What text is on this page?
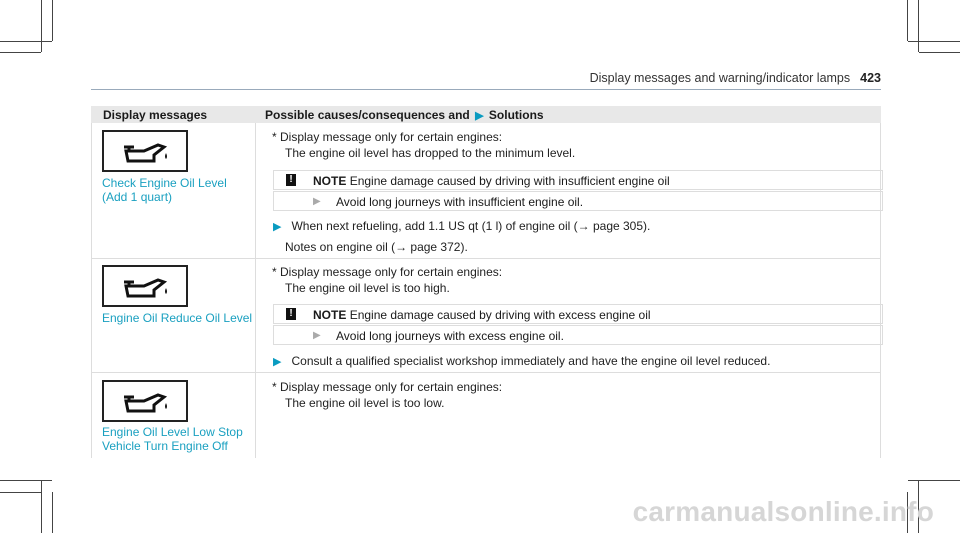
Display messages and warning/indicator lamps 423
Display messages	Possible causes/consequences and ▶ Solutions
Check Engine Oil Level
(Add 1 quart)
* Display message only for certain engines:
The engine oil level has dropped to the minimum level.
! NOTE Engine damage caused by driving with insufficient engine oil
▶ Avoid long journeys with insufficient engine oil.
▶ When next refueling, add 1.1 US qt (1 l) of engine oil (→ page 305).
Notes on engine oil (→ page 372).
Engine Oil Reduce Oil Level
* Display message only for certain engines:
The engine oil level is too high.
! NOTE Engine damage caused by driving with excess engine oil
▶ Avoid long journeys with excess engine oil.
▶ Consult a qualified specialist workshop immediately and have the engine oil level reduced.
Engine Oil Level Low Stop
Vehicle Turn Engine Off
* Display message only for certain engines:
The engine oil level is too low.
carmanualsonline.info
